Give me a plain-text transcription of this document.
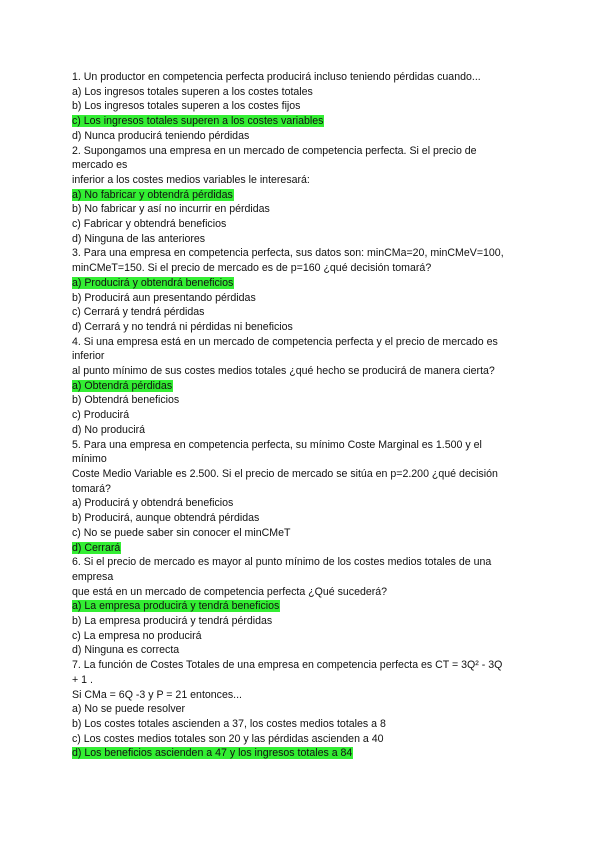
1. Un productor en competencia perfecta producirá incluso teniendo pérdidas cuando...
a) Los ingresos totales superen a los costes totales
b) Los ingresos totales superen a los costes fijos
c) Los ingresos totales superen a los costes variables
d) Nunca producirá teniendo pérdidas
2. Supongamos una empresa en un mercado de competencia perfecta. Si el precio de
mercado es
inferior a los costes medios variables le interesará:
a) No fabricar y obtendrá pérdidas
b) No fabricar y así no incurrir en pérdidas
c) Fabricar y obtendrá beneficios
d) Ninguna de las anteriores
3. Para una empresa en competencia perfecta, sus datos son: minCMa=20, minCMeV=100,
minCMeT=150. Si el precio de mercado es de p=160 ¿qué decisión tomará?
a) Producirá y obtendrá beneficios
b) Producirá aun presentando pérdidas
c) Cerrará y tendrá pérdidas
d) Cerrará y no tendrá ni pérdidas ni beneficios
4. Si una empresa está en un mercado de competencia perfecta y el precio de mercado es
inferior
al punto mínimo de sus costes medios totales ¿qué hecho se producirá de manera cierta?
a) Obtendrá pérdidas
b) Obtendrá beneficios
c) Producirá
d) No producirá
5. Para una empresa en competencia perfecta, su mínimo Coste Marginal es 1.500 y el
mínimo
Coste Medio Variable es 2.500. Si el precio de mercado se sitúa en p=2.200 ¿qué decisión
tomará?
a) Producirá y obtendrá beneficios
b) Producirá, aunque obtendrá pérdidas
c) No se puede saber sin conocer el minCMeT
d) Cerrará
6. Si el precio de mercado es mayor al punto mínimo de los costes medios totales de una
empresa
que está en un mercado de competencia perfecta ¿Qué sucederá?
a) La empresa producirá y tendrá beneficios
b) La empresa producirá y tendrá pérdidas
c) La empresa no producirá
d) Ninguna es correcta
7. La función de Costes Totales de una empresa en competencia perfecta es CT = 3Q² - 3Q
+ 1 .
Si CMa = 6Q -3 y P = 21 entonces...
a) No se puede resolver
b) Los costes totales ascienden a 37, los costes medios totales a 8
c) Los costes medios totales son 20 y las pérdidas ascienden a 40
d) Los beneficios ascienden a 47 y los ingresos totales a 84
